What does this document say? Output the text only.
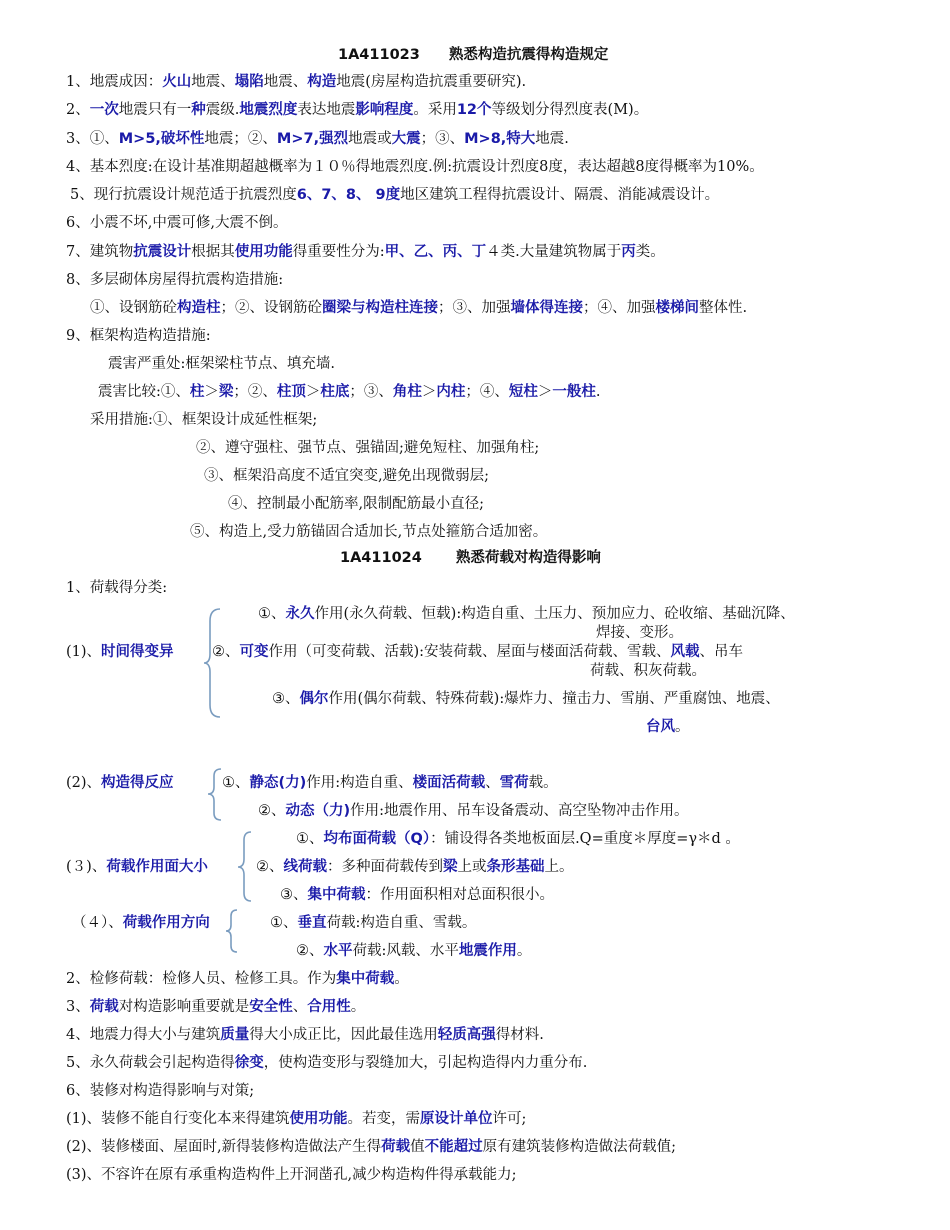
1A411023　　熟悉构造抗震得构造规定
1、地震成因：火山地震、塌陷地震、构造地震(房屋构造抗震重要研究).
2、一次地震只有一种震级.地震烈度表达地震影响程度。采用12个等级划分得烈度表(M)。
3、①、M>5,破坏性地震；②、M>7,强烈地震或大震；③、M>8,特大地震.
4、基本烈度:在设计基准期超越概率为１０％得地震烈度.例:抗震设计烈度8度，表达超越8度得概率为10%。
5、现行抗震设计规范适于抗震烈度6、7、8、 9度地区建筑工程得抗震设计、隔震、消能减震设计。
6、小震不坏,中震可修,大震不倒。
7、建筑物抗震设计根据其使用功能得重要性分为:甲、乙、丙、丁４类.大量建筑物属于丙类。
8、多层砌体房屋得抗震构造措施:
①、设钢筋砼构造柱；②、设钢筋砼圈梁与构造柱连接；③、加强墙体得连接；④、加强楼梯间整体性.
9、框架构造构造措施:
震害严重处:框架梁柱节点、填充墙.
震害比较:①、柱＞梁；②、柱顶＞柱底；③、角柱＞内柱；④、短柱＞一般柱.
采用措施:①、框架设计成延性框架;
②、遵守强柱、强节点、强锚固;避免短柱、加强角柱;
③、框架沿高度不适宜突变,避免出现微弱层;
④、控制最小配筋率,限制配筋最小直径;
⑤、构造上,受力筋锚固合适加长,节点处箍筋合适加密。
1A411024　　 熟悉荷载对构造得影响
1、荷载得分类:
①、永久作用(永久荷载、恒载):构造自重、土压力、预加应力、砼收缩、基础沉降、
焊接、变形。
(1)、时间得变异	②、可变作用（可变荷载、活载):安装荷载、屋面与楼面活荷载、雪载、风载、吊车
荷载、积灰荷载。
③、偶尔作用(偶尔荷载、特殊荷载):爆炸力、撞击力、雪崩、严重腐蚀、地震、
台风。
(2)、构造得反应	①、静态(力)作用:构造自重、楼面活荷载、雪荷载。
②、动态（力)作用:地震作用、吊车设备震动、高空坠物冲击作用。
①、均布面荷载（Q）：铺设得各类地板面层.Q=重度＊厚度=γ＊d 。
(３)、荷载作用面大小	②、线荷载：多种面荷载传到梁上或条形基础上。
③、集中荷载：作用面积相对总面积很小。
（４）、荷载作用方向	①、垂直荷载:构造自重、雪载。
②、水平荷载:风载、水平地震作用。
2、检修荷载：检修人员、检修工具。作为集中荷载。
3、荷载对构造影响重要就是安全性、合用性。
4、地震力得大小与建筑质量得大小成正比，因此最佳选用轻质高强得材料.
5、永久荷载会引起构造得徐变，使构造变形与裂缝加大，引起构造得内力重分布.
6、装修对构造得影响与对策;
(1)、装修不能自行变化本来得建筑使用功能。若变，需原设计单位许可;
(2)、装修楼面、屋面时,新得装修构造做法产生得荷载值不能超过原有建筑装修构造做法荷载值;
(3)、不容许在原有承重构造构件上开洞凿孔,减少构造构件得承载能力;
